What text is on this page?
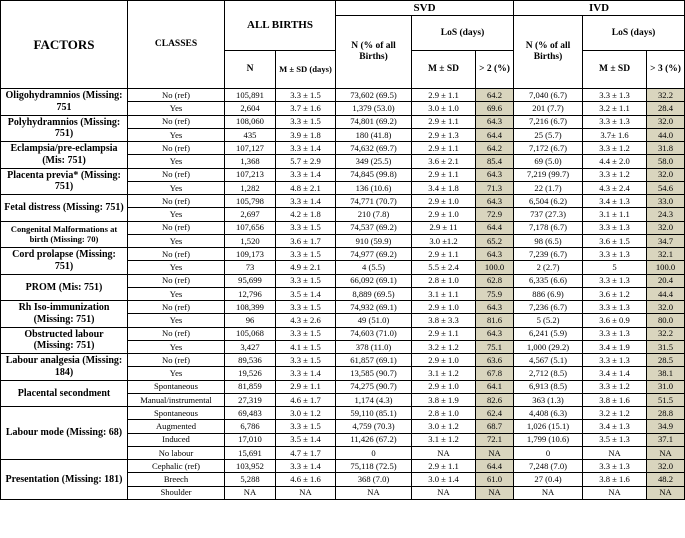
FACTORS	CLASSES	ALL BIRTHS		SVD			IVD		
				N (% of all Births)	LoS (days)		N (% of all Births)	LoS (days)	
		N	M ± SD (days)		M ± SD	> 2 (%)		M ± SD	> 3 (%)
Oligohydramnios (Missing: 751	No (ref)	105,891	3.3 ± 1.5	73,602 (69.5)	2.9 ± 1.1	64.2	7,040 (6.7)	3.3 ± 1.3	32.2
	Yes	2,604	3.7 ± 1.6	1,379 (53.0)	3.0 ± 1.0	69.6	201 (7.7)	3.2 ± 1.1	28.4
Polyhydramnios (Missing: 751)	No (ref)	108,060	3.3 ± 1.5	74,801 (69.2)	2.9 ± 1.1	64.3	7,216 (6.7)	3.3 ± 1.3	32.0
	Yes	435	3.9 ± 1.8	180 (41.8)	2.9 ± 1.3	64.4	25 (5.7)	3.7± 1.6	44.0
Eclampsia/pre-eclampsia (Mis: 751)	No (ref)	107,127	3.3 ± 1.4	74,632 (69.7)	2.9 ± 1.1	64.2	7,172 (6.7)	3.3 ± 1.2	31.8
	Yes	1,368	5.7 ± 2.9	349 (25.5)	3.6 ± 2.1	85.4	69 (5.0)	4.4 ± 2.0	58.0
Placenta previa* (Missing: 751)	No (ref)	107,213	3.3 ± 1.4	74,845 (99.8)	2.9 ± 1.1	64.3	7,219 (99.7)	3.3 ± 1.2	32.0
	Yes	1,282	4.8 ± 2.1	136 (10.6)	3.4 ± 1.8	71.3	22 (1.7)	4.3 ± 2.4	54.6
Fetal distress (Missing: 751)	No (ref)	105,798	3.3 ± 1.4	74,771 (70.7)	2.9 ± 1.0	64.3	6,504 (6.2)	3.4 ± 1.3	33.0
	Yes	2,697	4.2 ± 1.8	210 (7.8)	2.9 ± 1.0	72.9	737 (27.3)	3.1 ± 1.1	24.3
Congenital Malformations at birth (Missing: 70)	No (ref)	107,656	3.3 ± 1.5	74,537 (69.2)	2.9 ± 11	64.4	7,178 (6.7)	3.3 ± 1.3	32.0
	Yes	1,520	3.6 ± 1.7	910 (59.9)	3.0 ±1.2	65.2	98 (6.5)	3.6 ± 1.5	34.7
Cord prolapse (Missing: 751)	No (ref)	109,173	3.3 ± 1.5	74,977 (69.2)	2.9 ± 1.1	64.3	7,239 (6.7)	3.3 ± 1.3	32.1
	Yes	73	4.9 ± 2.1	4 (5.5)	5.5 ± 2.4	100.0	2 (2.7)	5	100.0
PROM (Mis: 751)	No (ref)	95,699	3.3 ± 1.5	66,092 (69.1)	2.8 ± 1.0	62.8	6,335 (6.6)	3.3 ± 1.3	20.4
	Yes	12,796	3.5 ± 1.4	8,889 (69.5)	3.1 ± 1.1	75.9	886 (6.9)	3.6 ± 1.2	44.4
Rh Iso-immunization (Missing: 751)	No (ref)	108,399	3.3 ± 1.5	74,932 (69.1)	2.9 ± 1.0	64.3	7,236 (6.7)	3.3 ± 1.3	32.0
	Yes	96	4.3 ± 2.6	49 (51.0)	3.8 ± 3.3	81.6	5 (5.2)	3.6 ± 0.9	80.0
Obstructed labour (Missing: 751)	No (ref)	105,068	3.3 ± 1.5	74,603 (71.0)	2.9 ± 1.1	64.3	6,241 (5.9)	3.3 ± 1.3	32.2
	Yes	3,427	4.1 ± 1.5	378 (11.0)	3.2 ± 1.2	75.1	1,000 (29.2)	3.4 ± 1.9	31.5
Labour analgesia (Missing: 184)	No (ref)	89,536	3.3 ± 1.5	61,857 (69.1)	2.9 ± 1.0	63.6	4,567 (5.1)	3.3 ± 1.3	28.5
	Yes	19,526	3.3 ± 1.4	13,585 (90.7)	3.1 ± 1.2	67.8	2,712 (8.5)	3.4 ± 1.4	38.1
Placental secondment	Spontaneous	81,859	2.9 ± 1.1	74,275 (90.7)	2.9 ± 1.0	64.1	6,913 (8.5)	3.3 ± 1.2	31.0
	Manual/instrumental	27,319	4.6 ± 1.7	1,174 (4.3)	3.8 ± 1.9	82.6	363 (1.3)	3.8 ± 1.6	51.5
Labour mode (Missing: 68)	Spontaneous	69,483	3.0 ± 1.2	59,110 (85.1)	2.8 ± 1.0	62.4	4,408 (6.3)	3.2 ± 1.2	28.8
	Augmented	6,786	3.3 ± 1.5	4,759 (70.3)	3.0 ± 1.2	68.7	1,026 (15.1)	3.4 ± 1.3	34.9
	Induced	17,010	3.5 ± 1.4	11,426 (67.2)	3.1 ± 1.2	72.1	1,799 (10.6)	3.5 ± 1.3	37.1
	No labour	15,691	4.7 ± 1.7	0	NA	NA	0	NA	NA
Presentation (Missing: 181)	Cephalic (ref)	103,952	3.3 ± 1.4	75,118 (72.5)	2.9 ± 1.1	64.4	7,248 (7.0)	3.3 ± 1.3	32.0
	Breech	5,288	4.6 ± 1.6	368 (7.0)	3.0 ± 1.4	61.0	27 (0.4)	3.8 ± 1.6	48.2
	Shoulder	NA	NA	NA	NA	NA	NA	NA	NA
